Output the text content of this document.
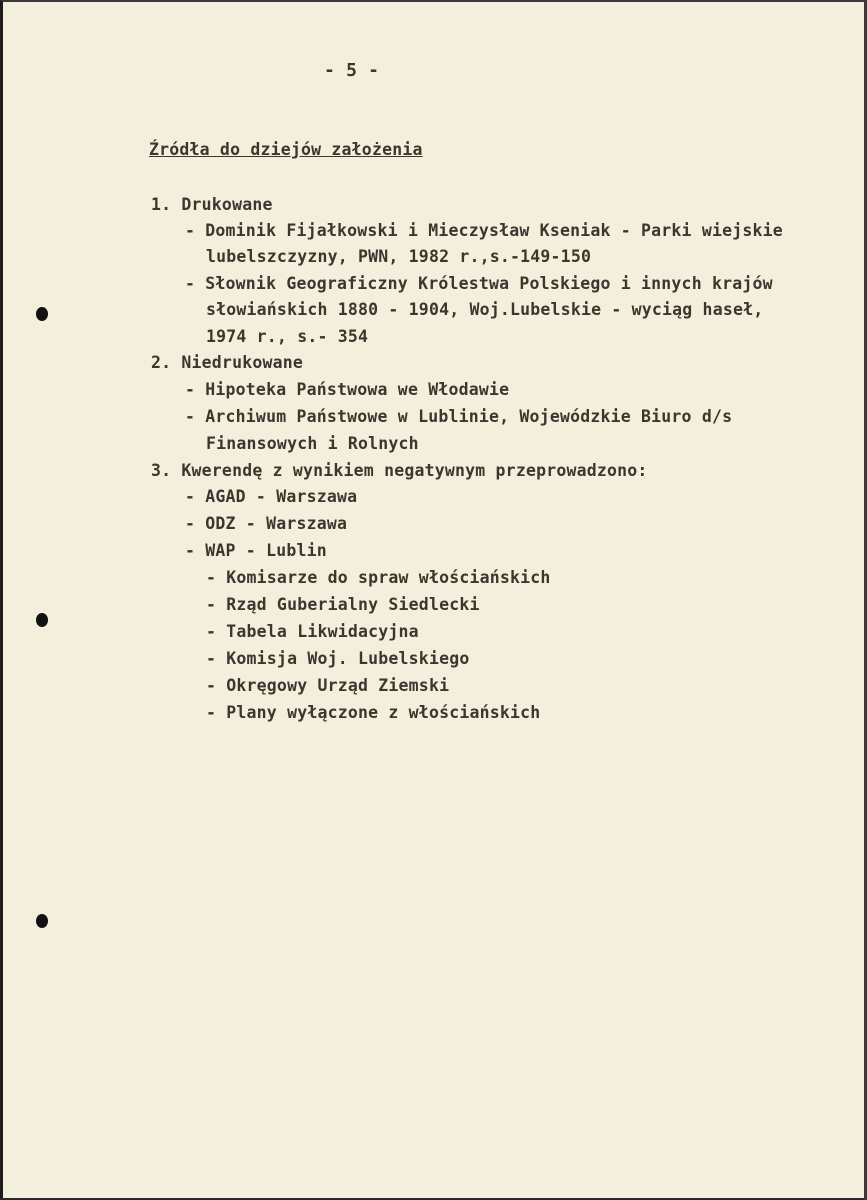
- 5 -
Źródła do dziejów założenia
1. Drukowane
- Dominik Fijałkowski i Mieczysław Kseniak - Parki wiejskie
lubelszczyzny, PWN, 1982 r.,s.-149-150
- Słownik Geograficzny Królestwa Polskiego i innych krajów
słowiańskich 1880 - 1904, Woj.Lubelskie - wyciąg haseł,
1974 r., s.- 354
2. Niedrukowane
- Hipoteka Państwowa we Włodawie
- Archiwum Państwowe w Lublinie, Wojewódzkie Biuro d/s
Finansowych i Rolnych
3. Kwerendę z wynikiem negatywnym przeprowadzono:
- AGAD - Warszawa
- ODZ - Warszawa
- WAP - Lublin
- Komisarze do spraw włościańskich
- Rząd Guberialny Siedlecki
- Tabela Likwidacyjna
- Komisja Woj. Lubelskiego
- Okręgowy Urząd Ziemski
- Plany wyłączone z włościańskich
